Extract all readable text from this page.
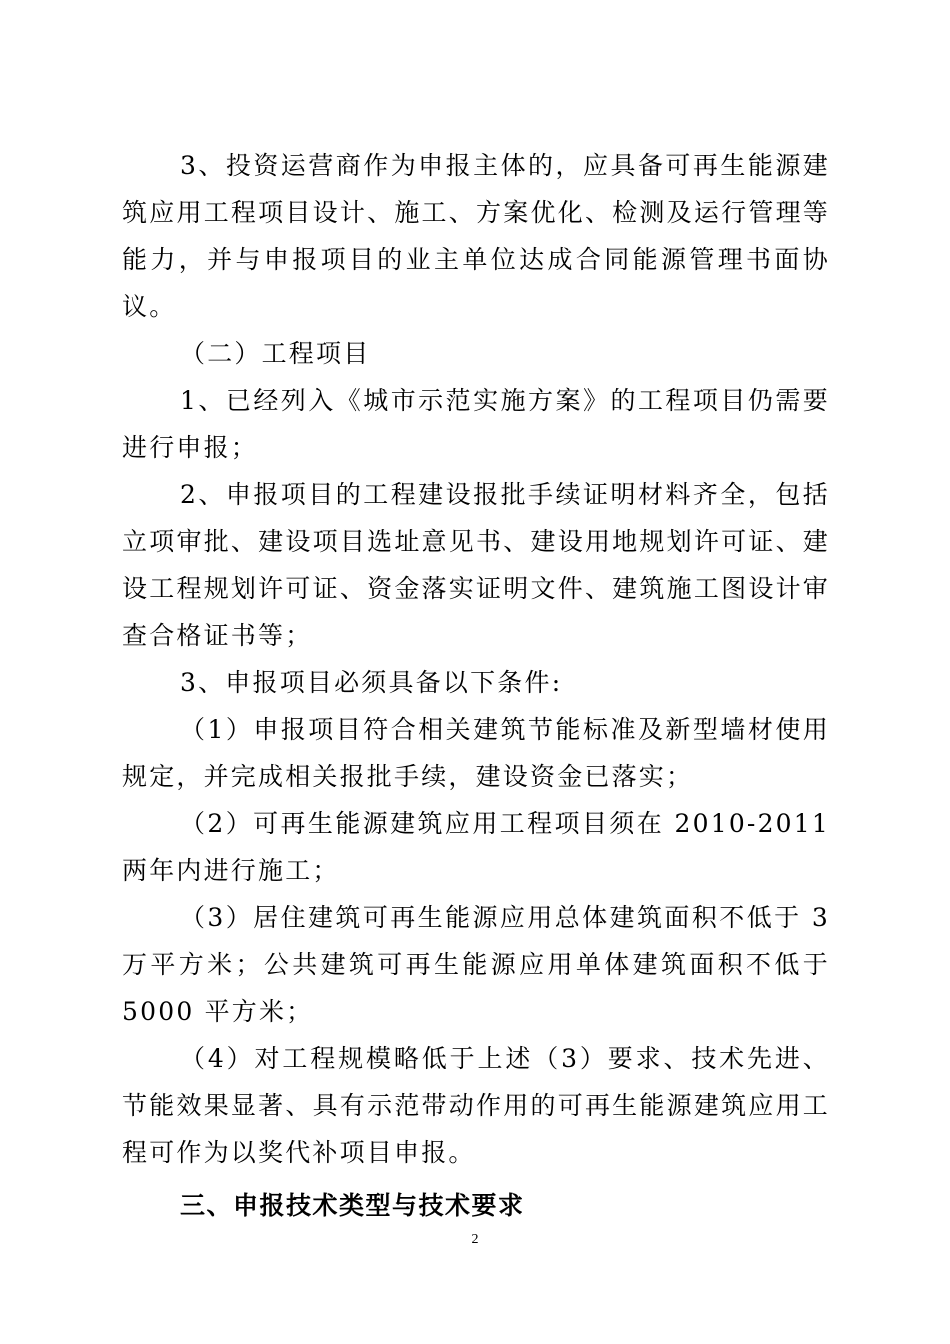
3、投资运营商作为申报主体的，应具备可再生能源建筑应用工程项目设计、施工、方案优化、检测及运行管理等能力，并与申报项目的业主单位达成合同能源管理书面协议。

（二）工程项目

1、已经列入《城市示范实施方案》的工程项目仍需要进行申报；

2、申报项目的工程建设报批手续证明材料齐全，包括立项审批、建设项目选址意见书、建设用地规划许可证、建设工程规划许可证、资金落实证明文件、建筑施工图设计审查合格证书等；

3、申报项目必须具备以下条件:

（1）申报项目符合相关建筑节能标准及新型墙材使用规定，并完成相关报批手续，建设资金已落实；

（2）可再生能源建筑应用工程项目须在 2010-2011 两年内进行施工；

（3）居住建筑可再生能源应用总体建筑面积不低于 3 万平方米；公共建筑可再生能源应用单体建筑面积不低于 5000 平方米；

（4）对工程规模略低于上述（3）要求、技术先进、节能效果显著、具有示范带动作用的可再生能源建筑应用工程可作为以奖代补项目申报。

三、申报技术类型与技术要求

2
